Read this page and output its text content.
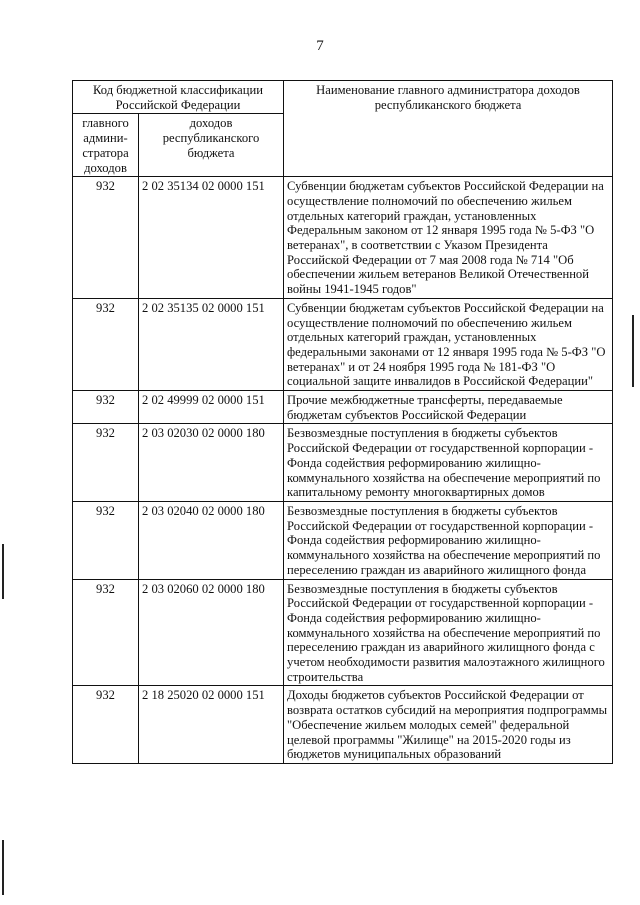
7
Код бюджетной классификации Российской Федерации		Наименование главного администратора доходов республиканского бюджета
главного админи-стратора доходов	доходов республиканского бюджета	
932	2 02 35134 02 0000 151	Субвенции бюджетам субъектов Российской Федерации на осуществление полномочий по обеспечению жильем отдельных категорий граждан, установленных Федеральным законом от 12 января 1995 года № 5-ФЗ "О ветеранах", в соответствии с Указом Президента Российской Федерации от 7 мая 2008 года № 714 "Об обеспечении жильем ветеранов Великой Отечественной войны 1941-1945 годов"
932	2 02 35135 02 0000 151	Субвенции бюджетам субъектов Российской Федерации на осуществление полномочий по обеспечению жильем отдельных категорий граждан, установленных федеральными законами от 12 января 1995 года № 5-ФЗ "О ветеранах" и от 24 ноября 1995 года № 181-ФЗ "О социальной защите инвалидов в Российской Федерации"
932	2 02 49999 02 0000 151	Прочие межбюджетные трансферты, передаваемые бюджетам субъектов Российской Федерации
932	2 03 02030 02 0000 180	Безвозмездные поступления в бюджеты субъектов Российской Федерации от государственной корпорации - Фонда содействия реформированию жилищно-коммунального хозяйства на обеспечение мероприятий по капитальному ремонту многоквартирных домов
932	2 03 02040 02 0000 180	Безвозмездные поступления в бюджеты субъектов Российской Федерации от государственной корпорации - Фонда содействия реформированию жилищно-коммунального хозяйства на обеспечение мероприятий по переселению граждан из аварийного жилищного фонда
932	2 03 02060 02 0000 180	Безвозмездные поступления в бюджеты субъектов Российской Федерации от государственной корпорации - Фонда содействия реформированию жилищно-коммунального хозяйства на обеспечение мероприятий по переселению граждан из аварийного жилищного фонда с учетом необходимости развития малоэтажного жилищного строительства
932	2 18 25020 02 0000 151	Доходы бюджетов субъектов Российской Федерации от возврата остатков субсидий на мероприятия подпрограммы "Обеспечение жильем молодых семей" федеральной целевой программы "Жилище" на 2015-2020 годы из бюджетов муниципальных образований
